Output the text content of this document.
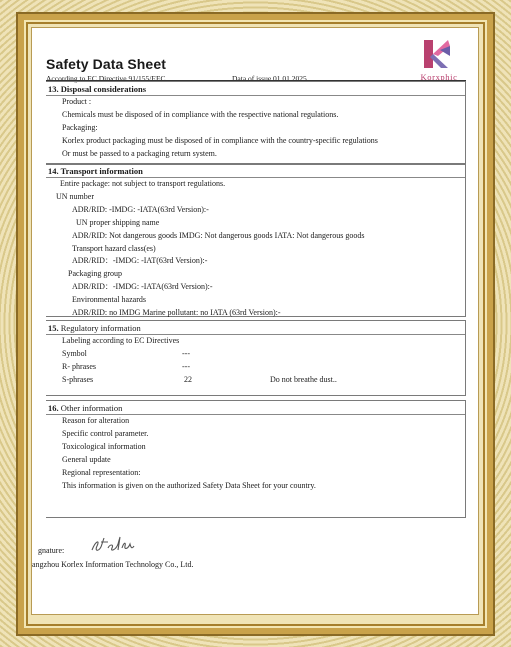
Safety Data Sheet
According to EC Directive 91/155/EEC	Data of issue 01.01.2025	Korxphic
13. Disposal considerations
Product :
Chemicals must be disposed of in compliance with the respective national regulations.
Packaging:
Korlex product packaging must be disposed of in compliance with the country-specific regulations
Or must be passed to a packaging return system.
14. Transport information
Entire package: not subject to transport regulations.
UN number
ADR/RID: -IMDG: -IATA(63rd Version):-
UN proper shipping name
ADR/RID: Not dangerous goods IMDG: Not dangerous goods IATA: Not dangerous goods
Transport hazard class(es)
ADR/RID：-IMDG: -IAT(63rd Version):-
Packaging group
ADR/RID：-IMDG: -IATA(63rd Version):-
Environmental hazards
ADR/RID: no IMDG Marine pollutant: no IATA (63rd Version):-
15. Regulatory information
Labeling according to EC Directives
Symbol	---

R- phrases	---

S-phrases	22	Do not breathe dust..

16. Other information
Reason for alteration
Specific control parameter.
Toxicological information
General update
Regional representation:
This information is given on the authorized Safety Data Sheet for your country.
gnature:
angzhou Korlex Information Technology Co., Ltd.
